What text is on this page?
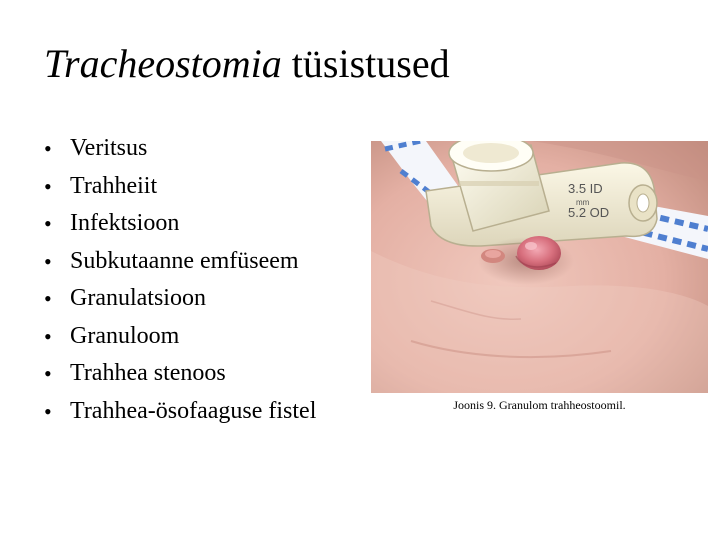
Tracheostomia tüsistused
• Veritsus
• Trahheiit
• Infektsioon
• Subkutaanne emfüseem
• Granulatsioon
• Granuloom
• Trahhea stenoos
• Trahhea-ösofaaguse fistel
3.5 ID
mm
5.2 OD
Joonis 9. Granulom trahheostoomil.
